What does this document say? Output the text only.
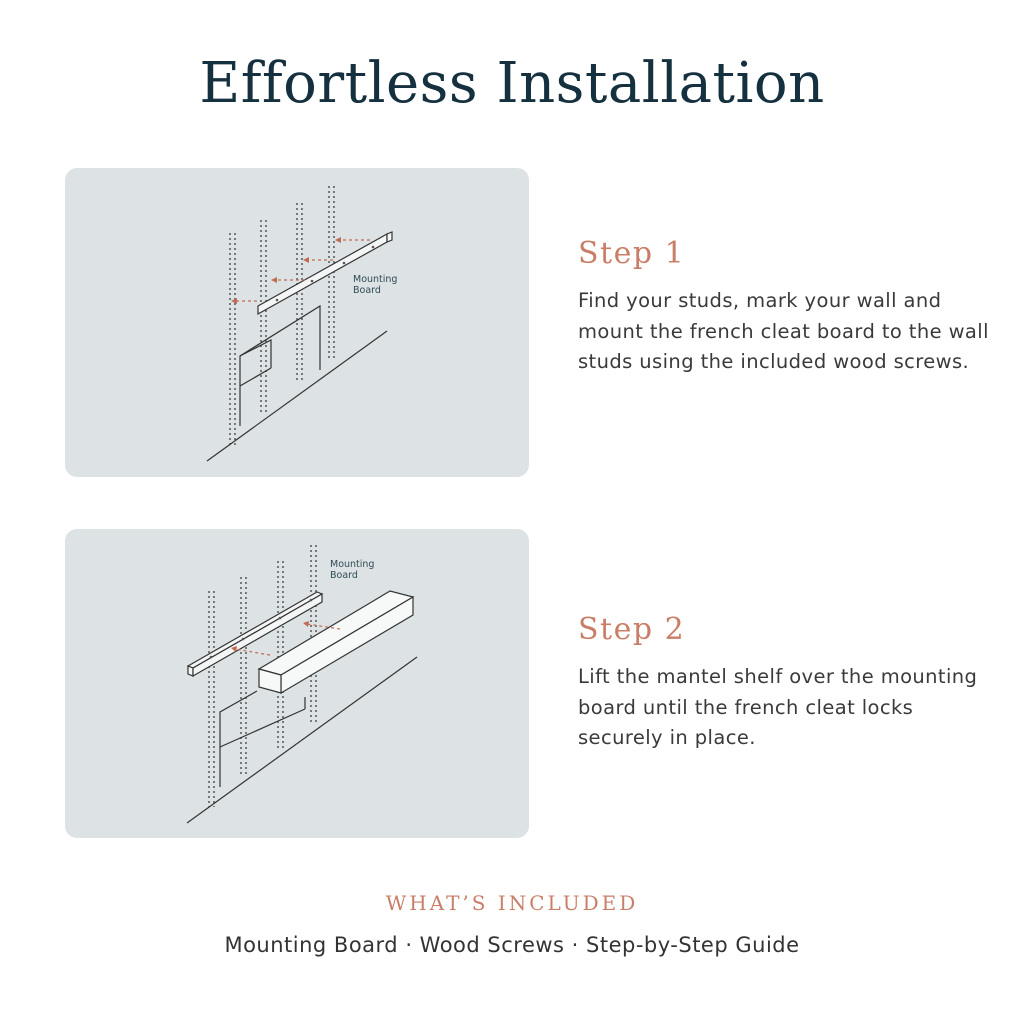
Effortless Installation
Mounting
Board
Step 1
Find your studs, mark your wall and mount the french cleat board to the wall studs using the included wood screws.
Mounting
Board
Step 2
Lift the mantel shelf over the mounting board until the french cleat locks securely in place.
WHAT’S INCLUDED
Mounting Board · Wood Screws · Step-by-Step Guide
